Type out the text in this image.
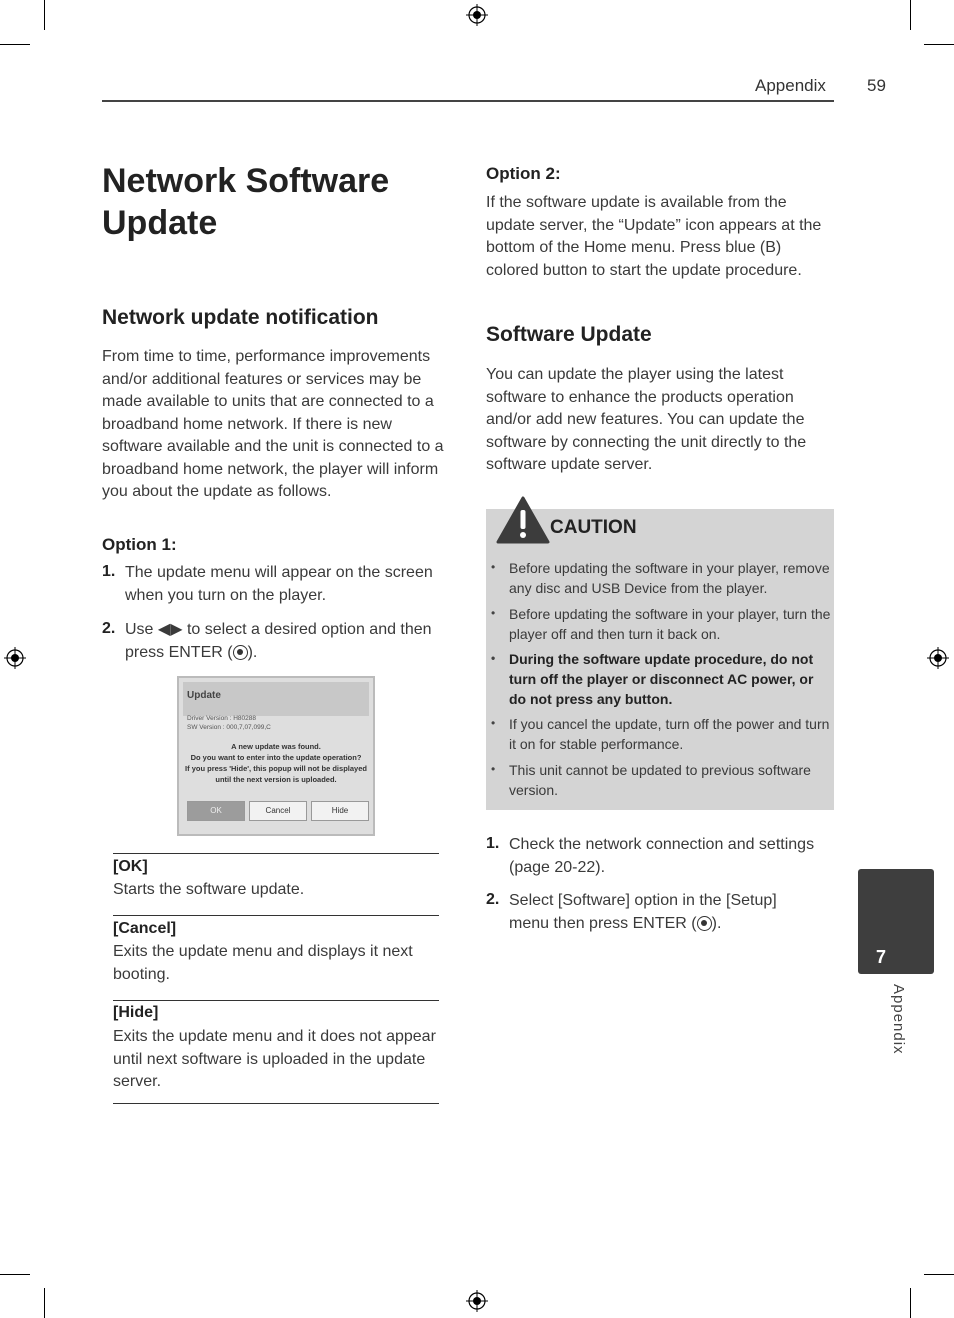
Appendix 59
Network Software Update
Network update notification
From time to time, performance improvements and/or additional features or services may be made available to units that are connected to a broadband home network. If there is new software available and the unit is connected to a broadband home network, the player will inform you about the update as follows.
Option 1:
1. The update menu will appear on the screen when you turn on the player.
2. Use ◀▶ to select a desired option and then press ENTER ( ).
Update
Driver Version : H80288
SW Version : 000,7,07,099,C
A new update was found.
Do you want to enter into the update operation?
If you press 'Hide', this popup will not be displayed
until the next version is uploaded.
OK	Cancel	Hide
[OK]
Starts the software update.
[Cancel]
Exits the update menu and displays it next booting.
[Hide]
Exits the update menu and it does not appear until next software is uploaded in the update server.
Option 2:
If the software update is available from the update server, the “Update” icon appears at the bottom of the Home menu. Press blue (B) colored button to start the update procedure.
Software Update
You can update the player using the latest software to enhance the products operation and/or add new features. You can update the software by connecting the unit directly to the software update server.
CAUTION
• Before updating the software in your player, remove any disc and USB Device from the player.
• Before updating the software in your player, turn the player off and then turn it back on.
• During the software update procedure, do not turn off the player or disconnect AC power, or do not press any button.
• If you cancel the update, turn off the power and turn it on for stable performance.
• This unit cannot be updated to previous software version.
1. Check the network connection and settings (page 20-22).
2. Select [Software] option in the [Setup] menu then press ENTER ( ).
7
Appendix
